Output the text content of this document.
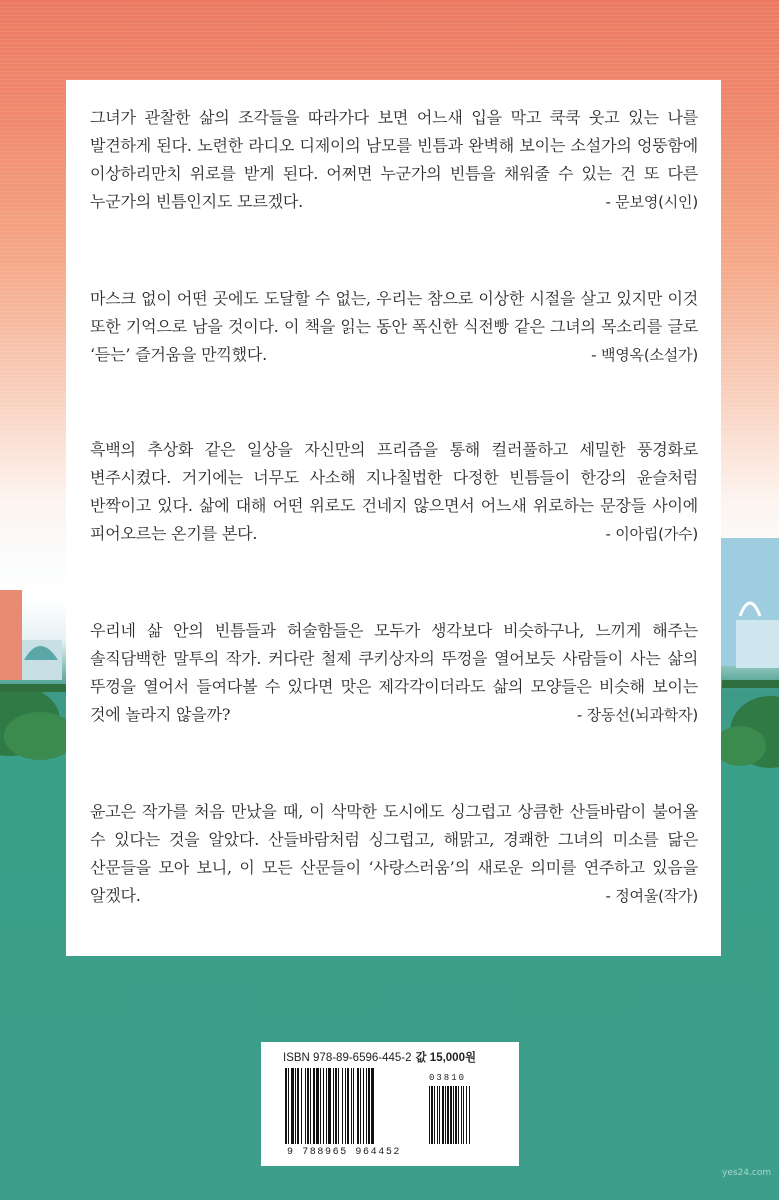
그녀가 관찰한 삶의 조각들을 따라가다 보면 어느새 입을 막고 쿡쿡 웃고 있는 나를 발견하게 된다. 노련한 라디오 디제이의 남모를 빈틈과 완벽해 보이는 소설가의 엉뚱함에 이상하리만치 위로를 받게 된다. 어쩌면 누군가의 빈틈을 채워줄 수 있는 건 또 다른 누군가의 빈틈인지도 모르겠다.	- 문보영(시인)

마스크 없이 어떤 곳에도 도달할 수 없는, 우리는 참으로 이상한 시절을 살고 있지만 이것 또한 기억으로 남을 것이다. 이 책을 읽는 동안 폭신한 식전빵 같은 그녀의 목소리를 글로 ‘듣는’ 즐거움을 만끽했다.	- 백영옥(소설가)

흑백의 추상화 같은 일상을 자신만의 프리즘을 통해 컬러풀하고 세밀한 풍경화로 변주시켰다. 거기에는 너무도 사소해 지나칠법한 다정한 빈틈들이 한강의 윤슬처럼 반짝이고 있다. 삶에 대해 어떤 위로도 건네지 않으면서 어느새 위로하는 문장들 사이에 피어오르는 온기를 본다.	- 이아립(가수)

우리네 삶 안의 빈틈들과 허술함들은 모두가 생각보다 비슷하구나, 느끼게 해주는 솔직담백한 말투의 작가. 커다란 철제 쿠키상자의 뚜껑을 열어보듯 사람들이 사는 삶의 뚜껑을 열어서 들여다볼 수 있다면 맛은 제각각이더라도 삶의 모양들은 비슷해 보이는 것에 놀라지 않을까?	- 장동선(뇌과학자)

윤고은 작가를 처음 만났을 때, 이 삭막한 도시에도 싱그럽고 상큼한 산들바람이 불어올 수 있다는 것을 알았다. 산들바람처럼 싱그럽고, 해맑고, 경쾌한 그녀의 미소를 닮은 산문들을 모아 보니, 이 모든 산문들이 ‘사랑스러움’의 새로운 의미를 연주하고 있음을 알겠다.	- 정여울(작가)
ISBN 978-89-6596-445-2 값 15,000원
03810
9 788965 964452
yes24.com
